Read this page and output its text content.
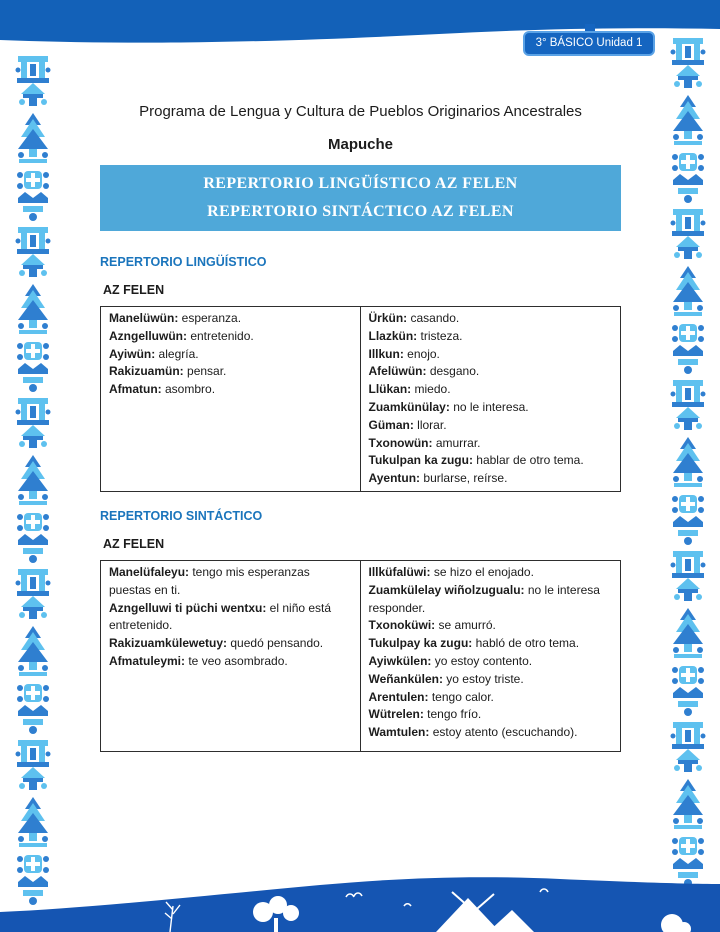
3° BÁSICO Unidad 1
Programa de Lengua y Cultura de Pueblos Originarios Ancestrales
Mapuche
REPERTORIO LINGÜÍSTICO AZ FELEN
REPERTORIO SINTÁCTICO AZ FELEN
REPERTORIO LINGÜÍSTICO
AZ FELEN
Manelüwün: esperanza.
Azngelluwün: entretenido.
Ayiwün: alegría.
Rakizuamün: pensar.
Afmatun: asombro.
Ürkün: casando.
Llazkün: tristeza.
Illkun: enojo.
Afelüwün: desgano.
Llükan: miedo.
Zuamkünülay: no le interesa.
Güman: llorar.
Txonowün: amurrar.
Tukulpan ka zugu: hablar de otro tema.
Ayentun: burlarse, reírse.
REPERTORIO SINTÁCTICO
AZ FELEN
Manelüfaleyu: tengo mis esperanzas puestas en ti.
Azngelluwi ti püchi wentxu: el niño está entretenido.
Rakizuamkülewetuy: quedó pensando.
Afmatuleymi: te veo asombrado.
Illküfalüwi: se hizo el enojado.
Zuamkülelay wiñolzugualu: no le interesa responder.
Txonoküwi: se amurró.
Tukulpay ka zugu: habló de otro tema.
Ayiwkülen: yo estoy contento.
Weñankülen: yo estoy triste.
Arentulen: tengo calor.
Wütrelen: tengo frío.
Wamtulen: estoy atento (escuchando).
